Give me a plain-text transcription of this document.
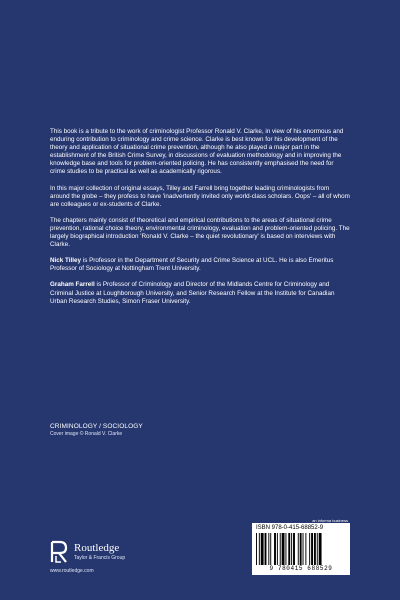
This book is a tribute to the work of criminologist Professor Ronald V. Clarke, in view of his enormous and enduring contribution to criminology and crime science. Clarke is best known for his development of the theory and application of situational crime prevention, although he also played a major part in the establishment of the British Crime Survey, in discussions of evaluation methodology and in improving the knowledge base and tools for problem-oriented policing. He has consistently emphasised the need for crime studies to be practical as well as academically rigorous.

In this major collection of original essays, Tilley and Farrell bring together leading criminologists from around the globe – they profess to have 'inadvertently invited only world-class scholars. Oops' – all of whom are colleagues or ex-students of Clarke.

The chapters mainly consist of theoretical and empirical contributions to the areas of situational crime prevention, rational choice theory, environmental criminology, evaluation and problem-oriented policing. The largely biographical introduction 'Ronald V. Clarke – the quiet revolutionary' is based on interviews with Clarke.

Nick Tilley is Professor in the Department of Security and Crime Science at UCL. He is also Emeritus Professor of Sociology at Nottingham Trent University.

Graham Farrell is Professor of Criminology and Director of the Midlands Centre for Criminology and Criminal Justice at Loughborough University, and Senior Research Fellow at the Institute for Canadian Urban Research Studies, Simon Fraser University.

CRIMINOLOGY / SOCIOLOGY
Cover image © Ronald V. Clarke
Routledge
Taylor & Francis Group
www.routledge.com
an informa business
ISBN 978-0-415-68852-9
9 780415 688529
